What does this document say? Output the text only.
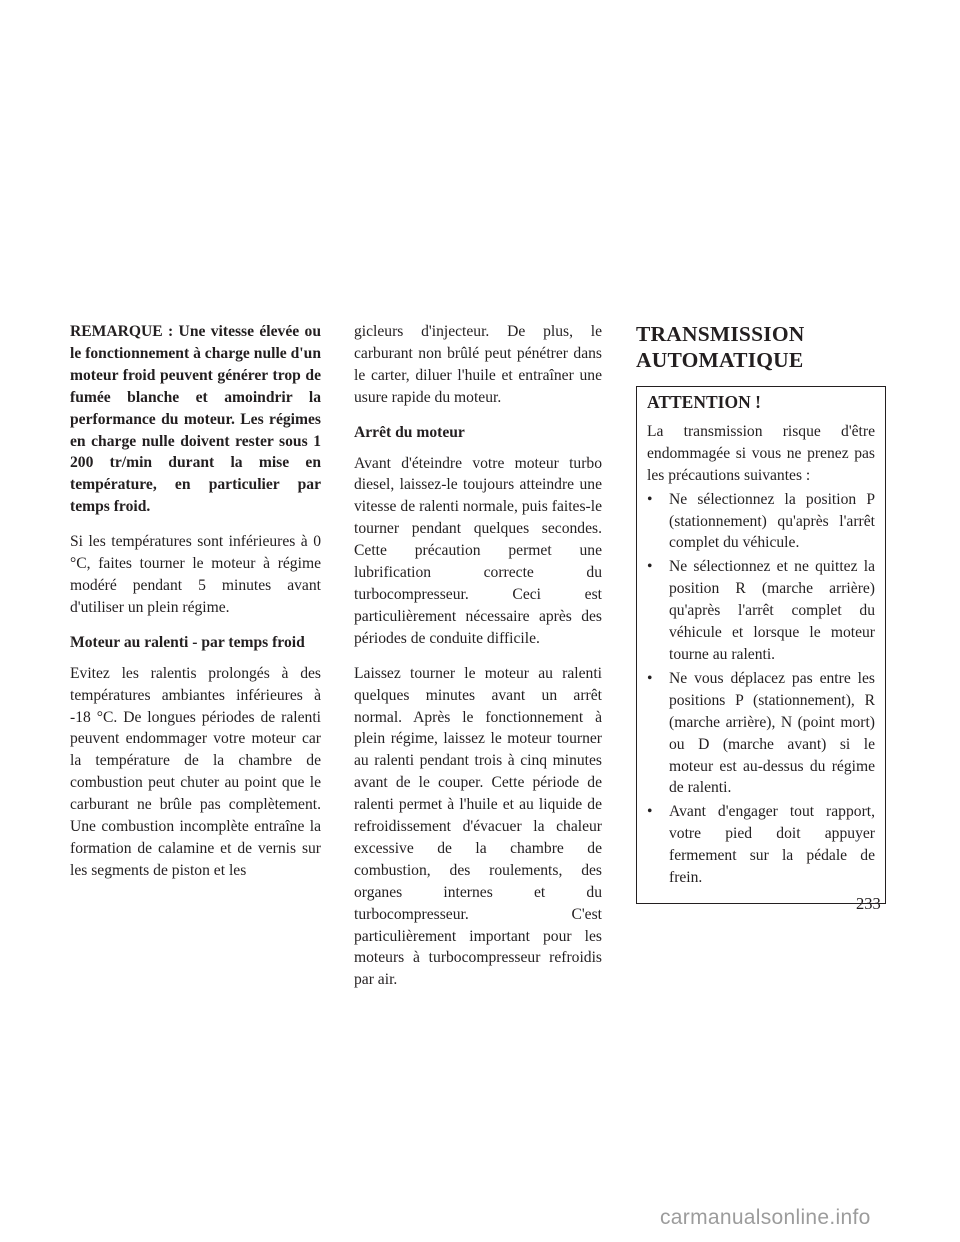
REMARQUE : Une vitesse élevée ou le fonctionnement à charge nulle d'un moteur froid peuvent générer trop de fumée blanche et amoindrir la performance du moteur. Les régimes en charge nulle doivent rester sous 1 200 tr/min durant la mise en température, en particulier par temps froid.

Si les températures sont inférieures à 0 °C, faites tourner le moteur à régime modéré pendant 5 minutes avant d'utiliser un plein régime.

Moteur au ralenti - par temps froid

Evitez les ralentis prolongés à des températures ambiantes inférieures à -18 °C. De longues périodes de ralenti peuvent endommager votre moteur car la température de la chambre de combustion peut chuter au point que le carburant ne brûle pas complètement. Une combustion incomplète entraîne la formation de calamine et de vernis sur les segments de piston et les

gicleurs d'injecteur. De plus, le carburant non brûlé peut pénétrer dans le carter, diluer l'huile et entraîner une usure rapide du moteur.

Arrêt du moteur

Avant d'éteindre votre moteur turbo diesel, laissez-le toujours atteindre une vitesse de ralenti normale, puis faites-le tourner pendant quelques secondes. Cette précaution permet une lubrification correcte du turbocompresseur. Ceci est particulièrement nécessaire après des périodes de conduite difficile.

Laissez tourner le moteur au ralenti quelques minutes avant un arrêt normal. Après le fonctionnement à plein régime, laissez le moteur tourner au ralenti pendant trois à cinq minutes avant de le couper. Cette période de ralenti permet à l'huile et au liquide de refroidissement d'évacuer la chaleur excessive de la chambre de combustion, des roulements, des organes internes et du turbocompresseur. C'est particulièrement important pour les moteurs à turbocompresseur refroidis par air.

TRANSMISSION
AUTOMATIQUE

ATTENTION !

La transmission risque d'être endommagée si vous ne prenez pas les précautions suivantes :

•	Ne sélectionnez la position P (stationnement) qu'après l'arrêt complet du véhicule.
•	Ne sélectionnez et ne quittez la position R (marche arrière) qu'après l'arrêt complet du véhicule et lorsque le moteur tourne au ralenti.
•	Ne vous déplacez pas entre les positions P (stationnement), R (marche arrière), N (point mort) ou D (marche avant) si le moteur est au-dessus du régime de ralenti.
•	Avant d'engager tout rapport, votre pied doit appuyer fermement sur la pédale de frein.
233
carmanualsonline.info
